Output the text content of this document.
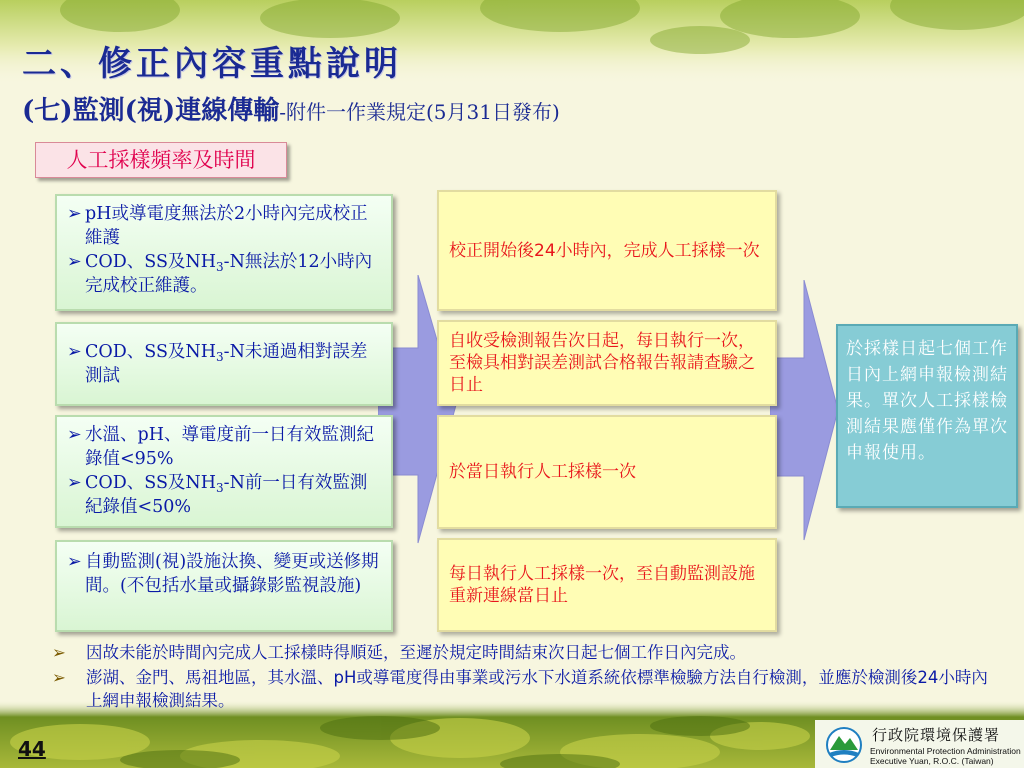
二、修正內容重點說明

(七)監測(視)連線傳輸-附件一作業規定(5月31日發布)

人工採樣頻率及時間

➢ pH或導電度無法於2小時內完成校正維護

➢ COD、SS及$NH_3-N$無法於12小時內完成校正維護。

➢ COD、SS及$NH_3-N$未通過相對誤差測試

➢ 水溫、pH、導電度前一日有效監測紀錄值<95%

➢ COD、SS及$NH_3-N$前一日有效監測紀錄值<50%

➢ 自動監測(視)設施汰換、變更或送修期間。(不包括水量或攝錄影監視設施)

校正開始後24小時內，完成人工採樣一次
自收受檢測報告次日起，每日執行一次，至檢具相對誤差測試合格報告報請查驗之日止
於當日執行人工採樣一次
每日執行人工採樣一次，至自動監測設施重新連線當日止
於採樣日起七個工作日內上網申報檢測結果。單次人工採樣檢測結果應僅作為單次申報使用。
➢	因故未能於時間內完成人工採樣時得順延，至遲於規定時間結束次日起七個工作日內完成。
➢	澎湖、金門、馬祖地區，其水溫、pH或導電度得由事業或污水下水道系統依標準檢驗方法自行檢測，並應於檢測後24小時內上網申報檢測結果。

44

行政院環境保護署
Environmental Protection Administration
Executive Yuan, R.O.C. (Taiwan)
